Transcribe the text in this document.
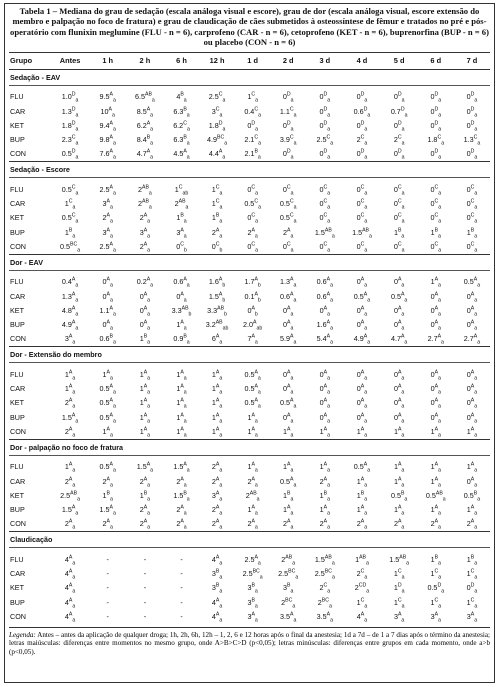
Tabela 1 – Mediana do grau de sedação (escala análoga visual e escore), grau de dor (escala análoga visual, escore extensão do membro e palpação no foco de fratura) e grau de claudicação de cães submetidos à osteossíntese de fêmur e tratados no pré e pós-operatório com flunixin meglumine (FLU - n = 6), carprofeno (CAR - n = 6), cetoprofeno (KET - n = 6), buprenorfina (BUP - n = 6) ou placebo (CON - n = 6)
Grupo	Antes	1 h	2 h	6 h	12 h	1 d	2 d	3 d	4 d	5 d	6 d	7 d
Sedação - EAV												

FLU	$1.0^D_a$	$9.5^A_a$	$6.5^{AB}_a$	$4^B_a$	$2.5^C_a$	$1^C_a$	$0^D_a$	$0^D_a$	$0^D_a$	$0^D_a$	$0^D_a$	$0^D_a$
CAR	$1.3^D_a$	$10^A_a$	$8.5^A_a$	$6.3^B_a$	$3^C_a$	$0.4^C_a$	$1.1^C_a$	$0^D_a$	$0.6^D_a$	$0.7^D_a$	$0^D_a$	$0^D_a$
KET	$1.8^D_a$	$9.4^A_a$	$6.2^A_a$	$6.2^C_a$	$1.8^D_a$	$0^D_a$	$0^D_a$	$0^D_a$	$0^D_a$	$0^D_a$	$0^D_a$	$0^D_a$
BUP	$2.3^C_a$	$9.8^A_a$	$8.4^B_a$	$6.3^B_a$	$4.9^{BC}_a$	$2.1^C_a$	$3.9^C_a$	$2.5^C_a$	$2^C_a$	$2^C_a$	$1.8^C_a$	$1.3^C_a$
CON	$0.5^D_a$	$7.6^A_a$	$4.7^A_a$	$4.5^A_a$	$4.4^A_a$	$2.1^B_a$	$0^D_a$	$0^D_a$	$0^D_a$	$0^D_a$	$0^D_a$	$0^D_a$
Sedação - Escore												

FLU	$0.5^C_a$	$2.5^A_a$	$2^{AB}_a$	$1^C_{ab}$	$1^C_a$	$0^C_a$	$0^C_a$	$0^C_a$	$0^C_a$	$0^C_a$	$0^C_a$	$0^C_a$
CAR	$1^C_a$	$3^A_a$	$2^{AB}_a$	$2^{AB}_a$	$1^C_a$	$0.5^C_a$	$0.5^C_a$	$0^C_a$	$0^C_a$	$0^C_a$	$0^C_a$	$0^C_a$
KET	$0.5^C_a$	$2^A_a$	$2^A_a$	$1^B_a$	$1^B_a$	$0^C_a$	$0.5^C_a$	$0^C_a$	$0^C_a$	$0^C_a$	$0^C_a$	$0^C_a$
BUP	$1^B_a$	$3^A_a$	$3^A_a$	$3^A_a$	$2^A_a$	$2^A_a$	$2^A_a$	$1.5^{AB}_a$	$1.5^{AB}_a$	$1^B_a$	$1^B_a$	$1^B_a$
CON	$0.5^{BC}_a$	$2.5^A_a$	$2^A_a$	$0^C_b$	$0^C_b$	$0^C_a$	$0^C_a$	$0^C_a$	$0^C_a$	$0^C_a$	$0^C_a$	$0^C_a$
Dor - EAV												

FLU	$0.4^A_a$	$0^A_a$	$0.2^A_a$	$0.6^A_a$	$1.6^A_b$	$1.7^A_b$	$1.3^A_a$	$0.6^A_a$	$0^A_a$	$0^A_a$	$1^A_a$	$0.5^A_a$
CAR	$1.3^A_a$	$0^A_a$	$0^A_a$	$0^A_a$	$1.5^A_b$	$0.1^A_b$	$0.6^A_a$	$0.6^A_a$	$0.5^A_a$	$0.5^A_a$	$0^A_a$	$0^A_a$
KET	$4.8^A_a$	$1.1^A_a$	$0^A_a$	$3.3^{AB}_b$	$3.3^{AB}_b$	$0^A_b$	$0^A_a$	$0^A_a$	$0^A_a$	$0^A_a$	$0^A_a$	$0^A_a$
BUP	$4.9^A_a$	$0^A_a$	$0^A_a$	$1^A_a$	$3.2^{AB}_{ab}$	$2.0^A_{ab}$	$0^A_a$	$1.6^A_a$	$0^A_a$	$0^A_a$	$0^A_a$	$0^A_a$
CON	$3^A_a$	$0.6^B_a$	$1^B_a$	$0.9^B_a$	$6^A_a$	$7^A_a$	$5.9^A_a$	$5.4^A_a$	$4.9^A_a$	$4.7^A_a$	$2.7^A_a$	$2.7^A_a$
Dor - Extensão do membro												

FLU	$1^A_a$	$1^A_a$	$1^A_a$	$1^A_a$	$1^A_a$	$0.5^A_a$	$0^A_a$	$0^A_a$	$0^A_a$	$0^A_a$	$0^A_a$	$0^A_a$
CAR	$1^A_a$	$0.5^A_a$	$1^A_a$	$1^A_a$	$1^A_a$	$0.5^A_a$	$0^A_a$	$0^A_a$	$0^A_a$	$0^A_a$	$0^A_a$	$0^A_a$
KET	$2^A_a$	$0.5^A_a$	$1^A_a$	$1^A_a$	$1^A_a$	$0.5^A_a$	$0.5^A_a$	$0^A_a$	$0^A_a$	$0^A_a$	$0^A_a$	$0^A_a$
BUP	$1.5^A_a$	$0.5^A_a$	$1^A_a$	$1^A_a$	$1^A_a$	$1^A_a$	$0^A_a$	$0^A_a$	$0^A_a$	$0^A_a$	$0^A_a$	$0^A_a$
CON	$2^A_a$	$1^A_a$	$1^A_a$	$1^A_a$	$1^A_a$	$1^A_a$	$1^A_a$	$1^A_a$	$1^A_a$	$1^A_a$	$1^A_a$	$1^A_a$
Dor - palpação no foco de fratura												

FLU	$1^A_a$	$0.5^A_a$	$1.5^A_a$	$1.5^A_a$	$2^A_a$	$1^A_a$	$1^A_a$	$1^A_a$	$0.5^A_a$	$1^A_a$	$1^A_a$	$1^A_a$
CAR	$2^A_a$	$2^A_a$	$2^A_a$	$2^A_a$	$2^A_a$	$2^A_a$	$0.5^A_a$	$2^A_a$	$1^A_a$	$1^A_a$	$1^A_a$	$0^A_a$
KET	$2.5^{AB}_a$	$1^B_a$	$1^B_a$	$1.5^B_a$	$3^A_a$	$2^{AB}_a$	$1^B_a$	$1^B_a$	$1^B_a$	$0.5^B_a$	$0.5^{AB}_a$	$0.5^B_a$
BUP	$1.5^A_a$	$1.5^A_a$	$2^A_a$	$2^A_a$	$2^A_a$	$1^A_a$	$1^A_a$	$1^A_a$	$1^A_a$	$1^A_a$	$1^A_a$	$1^A_a$
CON	$2^A_a$	$2^A_a$	$2^A_a$	$2^A_a$	$2^A_a$	$2^A_a$	$2^A_a$	$2^A_a$	$2^A_a$	$2^A_a$	$2^A_a$	$2^A_a$
Claudicação												

FLU	$4^A_a$	-	-	-	$4^A_a$	$2.5^A_a$	$2^{AB}_a$	$1.5^{AB}_a$	$1^{AB}_a$	$1.5^{AB}_a$	$1^B_a$	$1^B_a$
CAR	$4^A_a$	-	-	-	$3^B_a$	$2.5^{BC}_a$	$2.5^{BC}_a$	$2.5^{BC}_a$	$2^C_a$	$1^C_a$	$1^C_a$	$1^C_a$
KET	$4^A_a$	-	-	-	$3^B_a$	$3^B_a$	$3^B_a$	$2^C_a$	$2^{CD}_a$	$1^D_a$	$0.5^D_a$	$0^D_a$
BUP	$4^A_a$	-	-	-	$4^A_a$	$3^B_a$	$2^{BC}_a$	$2^{BC}_a$	$1^C_a$	$1^C_a$	$1^C_a$	$1^C_a$
CON	$4^A_a$	-	-	-	$4^A_a$	$3^A_a$	$3.5^A_a$	$3.5^A_a$	$4^A_a$	$3^A_a$	$3^A_a$	$3^A_a$
Legenda: Antes – antes da aplicação de qualquer droga; 1h, 2h, 6h, 12h – 1, 2, 6 e 12 horas após o final da anestesia; 1d a 7d – de 1 a 7 dias após o término da anestesia; letras maiúsculas: diferenças entre momentos no mesmo grupo, onde A>B>C>D (p<0,05); letras minúsculas: diferenças entre grupos em cada momento, onde a>b (p<0,05).
